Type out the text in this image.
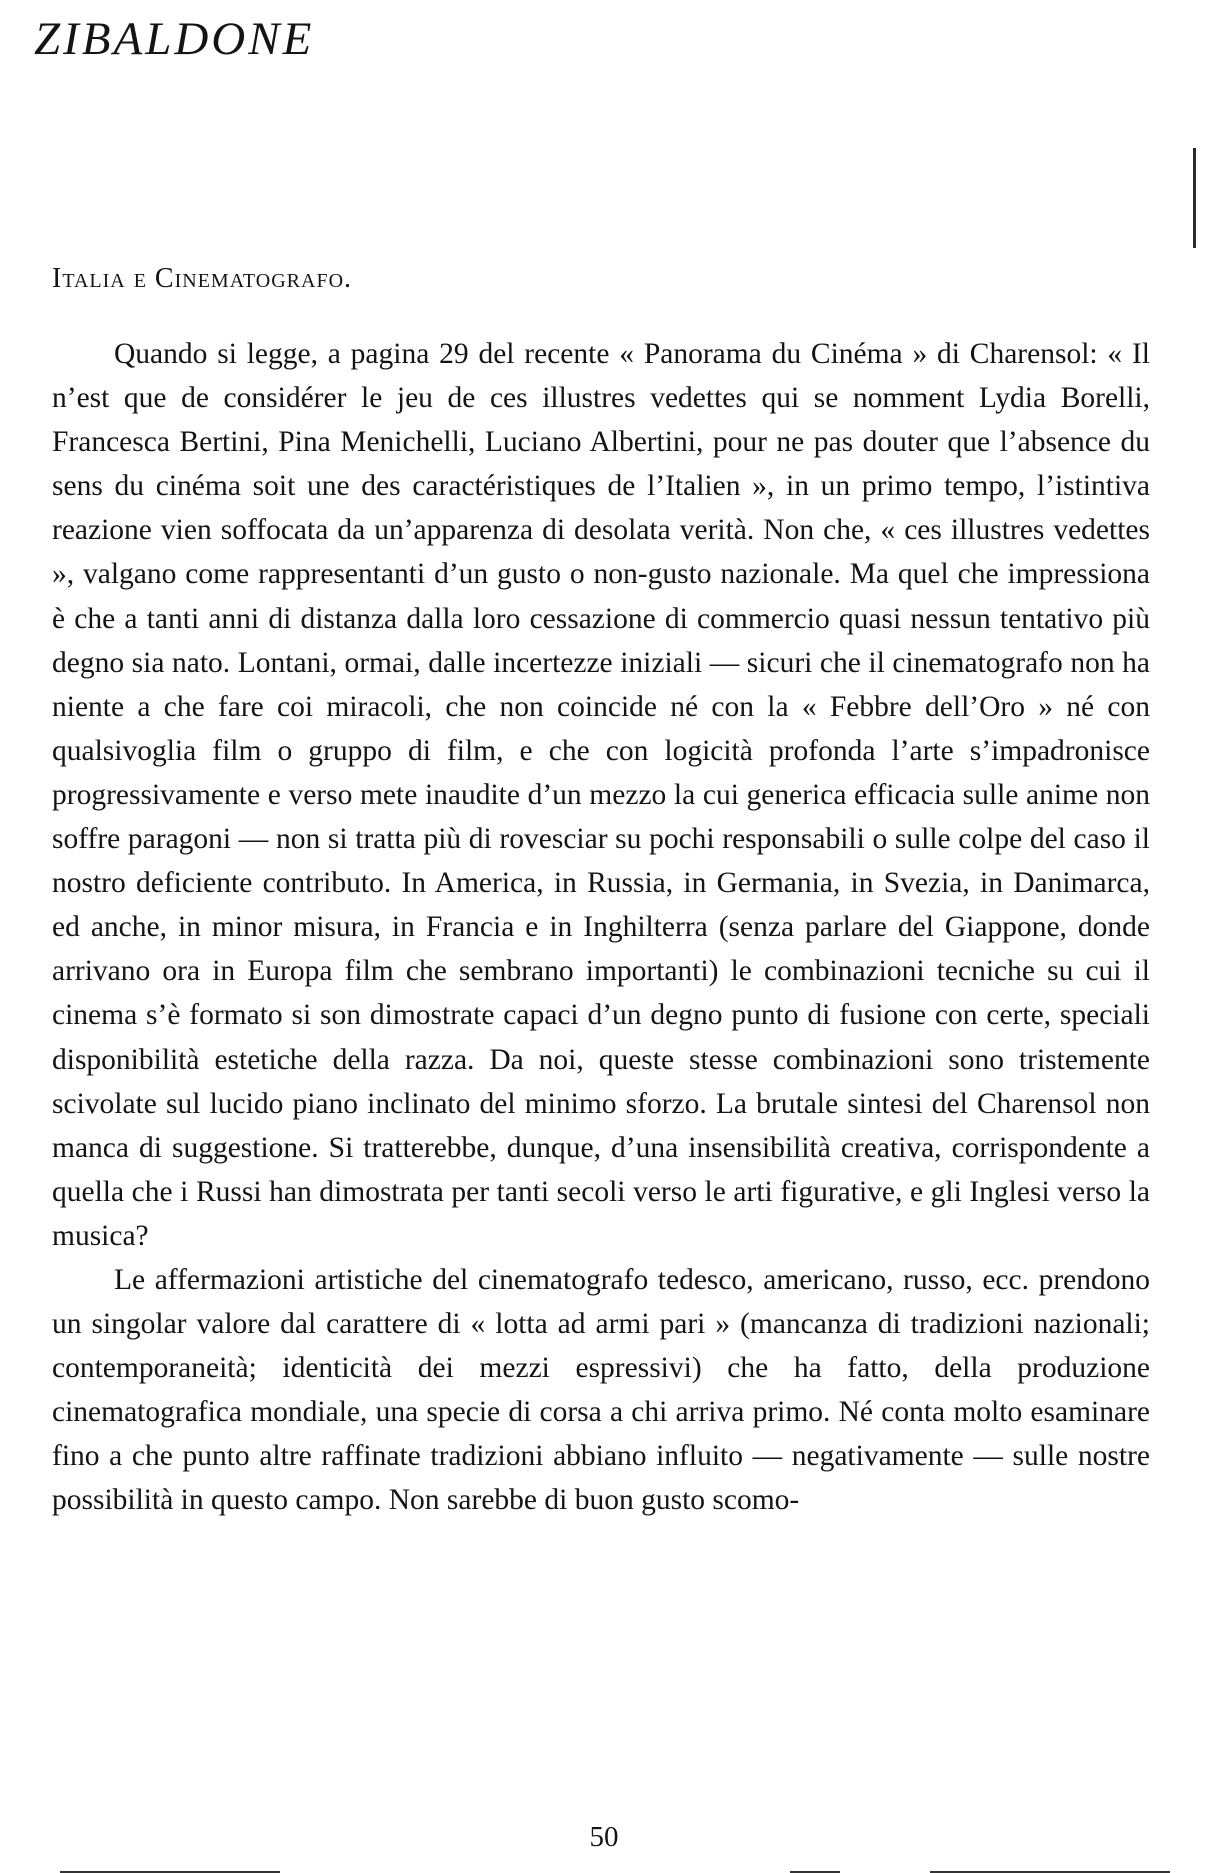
ZIBALDONE
Italia e Cinematografo.

Quando si legge, a pagina 29 del recente « Panorama du Cinéma » di Charensol: « Il n’est que de considérer le jeu de ces illustres vedettes qui se nomment Lydia Borelli, Francesca Bertini, Pina Menichelli, Luciano Albertini, pour ne pas douter que l’absence du sens du cinéma soit une des caractéristiques de l’Italien », in un primo tempo, l’istintiva reazione vien soffocata da un’apparenza di desolata verità. Non che, « ces illustres vedettes », valgano come rappresentanti d’un gusto o non-gusto nazionale. Ma quel che impressiona è che a tanti anni di distanza dalla loro cessazione di commercio quasi nessun tentativo più degno sia nato. Lontani, ormai, dalle incertezze iniziali — sicuri che il cinematografo non ha niente a che fare coi miracoli, che non coincide né con la « Febbre dell’Oro » né con qualsivoglia film o gruppo di film, e che con logicità profonda l’arte s’impadronisce progressivamente e verso mete inaudite d’un mezzo la cui generica efficacia sulle anime non soffre paragoni — non si tratta più di rovesciar su pochi responsabili o sulle colpe del caso il nostro deficiente contributo. In America, in Russia, in Germania, in Svezia, in Danimarca, ed anche, in minor misura, in Francia e in Inghilterra (senza parlare del Giappone, donde arrivano ora in Europa film che sembrano importanti) le combinazioni tecniche su cui il cinema s’è formato si son dimostrate capaci d’un degno punto di fusione con certe, speciali disponibilità estetiche della razza. Da noi, queste stesse combinazioni sono tristemente scivolate sul lucido piano inclinato del minimo sforzo. La brutale sintesi del Charensol non manca di suggestione. Si tratterebbe, dunque, d’una insensibilità creativa, corrispondente a quella che i Russi han dimostrata per tanti secoli verso le arti figurative, e gli Inglesi verso la musica?

Le affermazioni artistiche del cinematografo tedesco, americano, russo, ecc. prendono un singolar valore dal carattere di « lotta ad armi pari » (mancanza di tradizioni nazionali; contemporaneità; identicità dei mezzi espressivi) che ha fatto, della produzione cinematografica mondiale, una specie di corsa a chi arriva primo. Né conta molto esaminare fino a che punto altre raffinate tradizioni abbiano influito — negativamente — sulle nostre possibilità in questo campo. Non sarebbe di buon gusto scomo-

50
